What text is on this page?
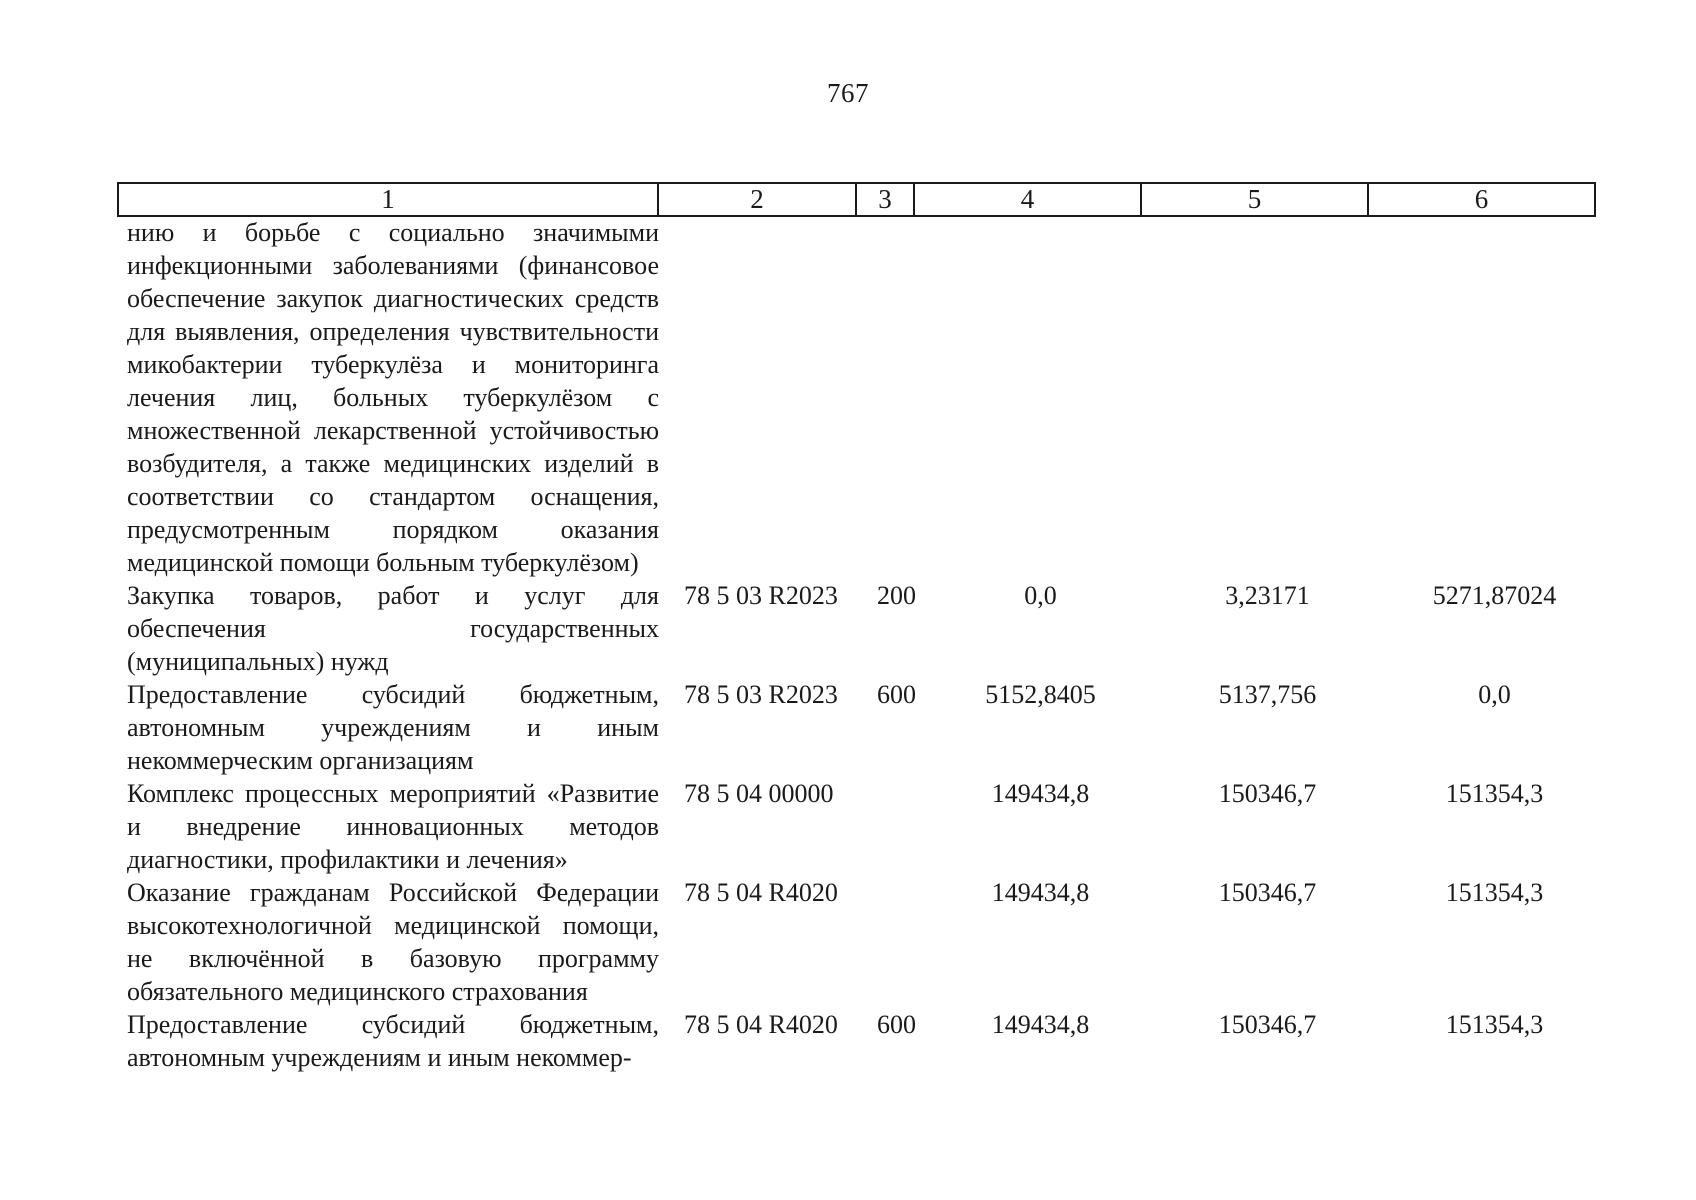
767
1	2	3	4	5	6
нию и борьбе с социально значимыми инфекционными заболеваниями (финансовое обеспечение закупок диагностических средств для выявления, определения чувствительности микобактерии туберкулёза и мониторинга лечения лиц, больных туберкулёзом с множественной лекарственной устойчивостью возбудителя, а также медицинских изделий в соответствии со стандартом оснащения, предусмотренным порядком оказания медицинской помощи больным туберкулёзом)					

Закупка товаров, работ и услуг для обеспечения государственных (муниципальных) нужд	78 5 03 R2023	200	0,0	3,23171	5271,87024

Предоставление субсидий бюджетным, автономным учреждениям и иным некоммерческим организациям	78 5 03 R2023	600	5152,8405	5137,756	0,0

Комплекс процессных мероприятий «Развитие и внедрение инновационных методов диагностики, профилактики и лечения»	78 5 04 00000		149434,8	150346,7	151354,3

Оказание гражданам Российской Федерации высокотехнологичной медицинской помощи, не включённой в базовую программу обязательного медицинского страхования	78 5 04 R4020		149434,8	150346,7	151354,3

Предоставление субсидий бюджетным, автономным учреждениям и иным некоммер-	78 5 04 R4020	600	149434,8	150346,7	151354,3
